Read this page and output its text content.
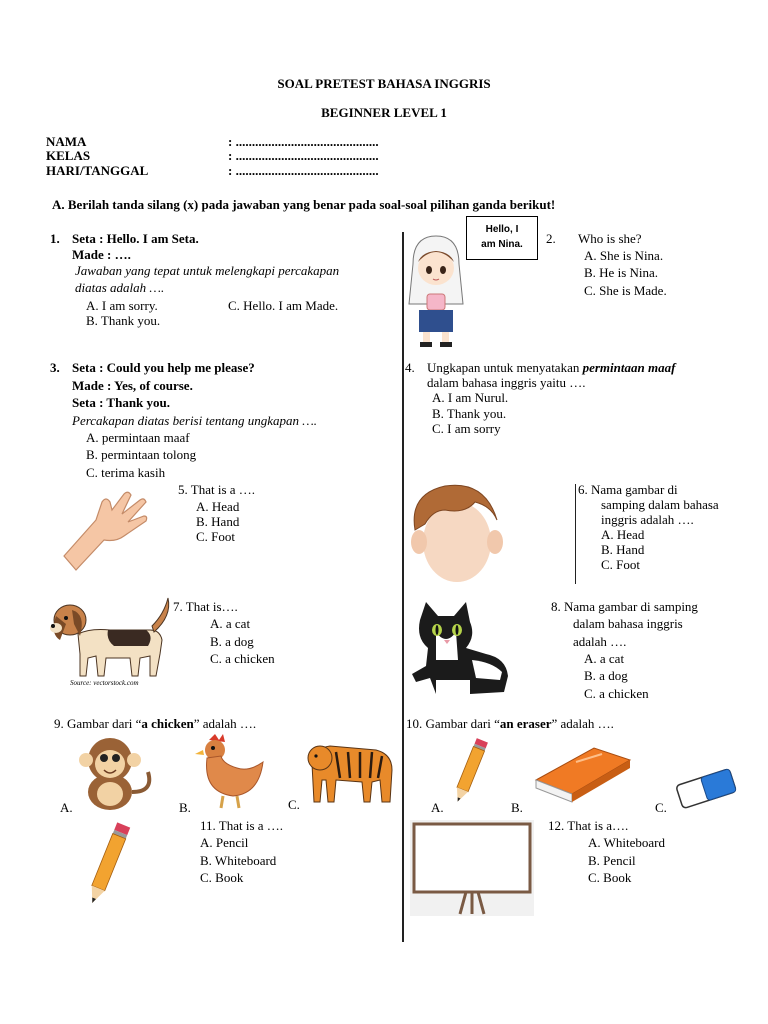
SOAL PRETEST BAHASA INGGRIS
BEGINNER LEVEL 1
NAMA	: ............................................
KELAS	: ............................................
HARI/TANGGAL	: ............................................
A. Berilah tanda silang (x) pada jawaban yang benar pada soal-soal pilihan ganda berikut!
1. Seta : Hello. I am Seta.
Made : ….
Jawaban yang tepat untuk melengkapi percakapan
diatas adalah ….
A. I am sorry.	C. Hello. I am Made.
B. Thank you.
Hello, I
am Nina.	2. Who is she?
A. She is Nina.
B. He is Nina.
C. She is Made.
3. Seta : Could you help me please?
Made : Yes, of course.
Seta : Thank you.
Percakapan diatas berisi tentang ungkapan ….
A. permintaan maaf
B. permintaan tolong
C. terima kasih
4. Ungkapan untuk menyatakan permintaan maaf
dalam bahasa inggris yaitu ….
A. I am Nurul.
B. Thank you.
C. I am sorry
5. That is a ….
A. Head
B. Hand
C. Foot
6. Nama gambar di
samping dalam bahasa
inggris adalah ….
A. Head
B. Hand
C. Foot
Source: vectorstock.com
7. That is….
A. a cat
B. a dog
C. a chicken
8. Nama gambar di samping
dalam bahasa inggris
adalah ….
A. a cat
B. a dog
C. a chicken
9. Gambar dari “a chicken” adalah ….
A.	B.	C.
10. Gambar dari “an eraser” adalah ….
A.	B.	C.
11. That is a ….
A. Pencil
B. Whiteboard
C. Book
12. That is a….
A. Whiteboard
B. Pencil
C. Book
